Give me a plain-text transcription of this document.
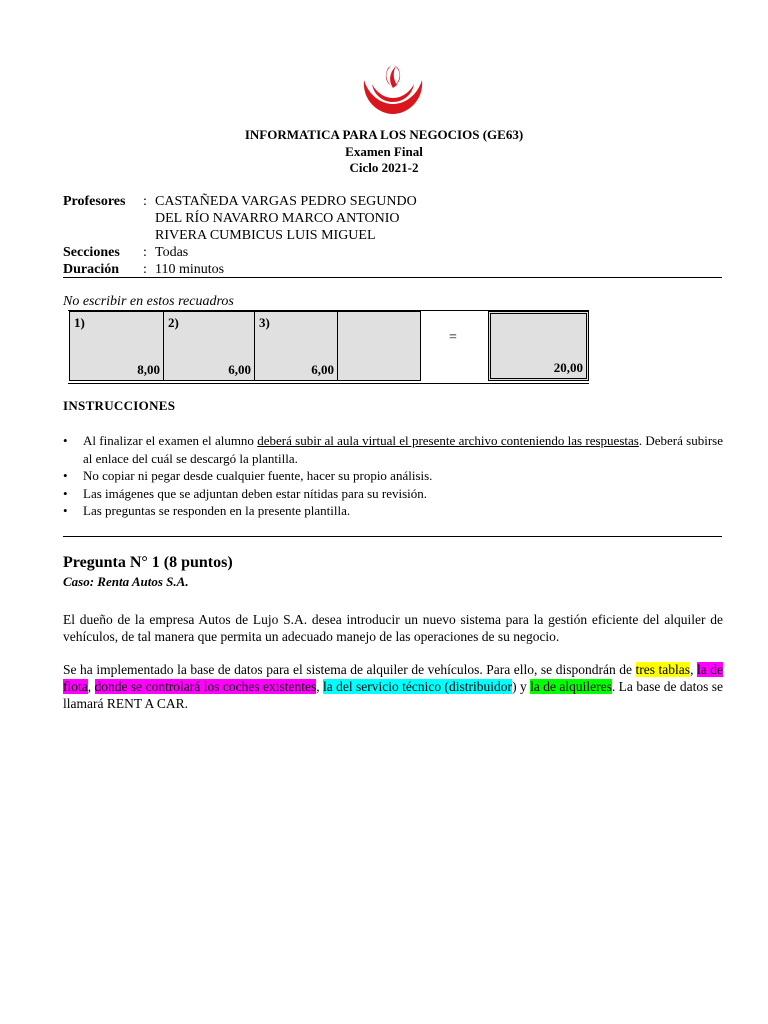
INFORMATICA PARA LOS NEGOCIOS (GE63)
Examen Final
Ciclo 2021-2
Profesores : CASTAÑEDA VARGAS PEDRO SEGUNDO
DEL RÍO NAVARRO MARCO ANTONIO
RIVERA CUMBICUS LUIS MIGUEL
Secciones : Todas
Duración : 110 minutos
No escribir en estos recuadros
1)
8,00
2)
6,00
3)
6,00
=
20,00
INSTRUCCIONES
• Al finalizar el examen el alumno deberá subir al aula virtual el presente archivo conteniendo las respuestas. Deberá subirse al enlace del cuál se descargó la plantilla.
• No copiar ni pegar desde cualquier fuente, hacer su propio análisis.
• Las imágenes que se adjuntan deben estar nítidas para su revisión.
• Las preguntas se responden en la presente plantilla.
Pregunta N° 1 (8 puntos)
Caso: Renta Autos S.A.

El dueño de la empresa Autos de Lujo S.A. desea introducir un nuevo sistema para la gestión eficiente del alquiler de vehículos, de tal manera que permita un adecuado manejo de las operaciones de su negocio.

Se ha implementado la base de datos para el sistema de alquiler de vehículos. Para ello, se dispondrán de tres tablas, la de flota, donde se controlará los coches existentes, la del servicio técnico (distribuidor) y la de alquileres. La base de datos se llamará RENT A CAR.
